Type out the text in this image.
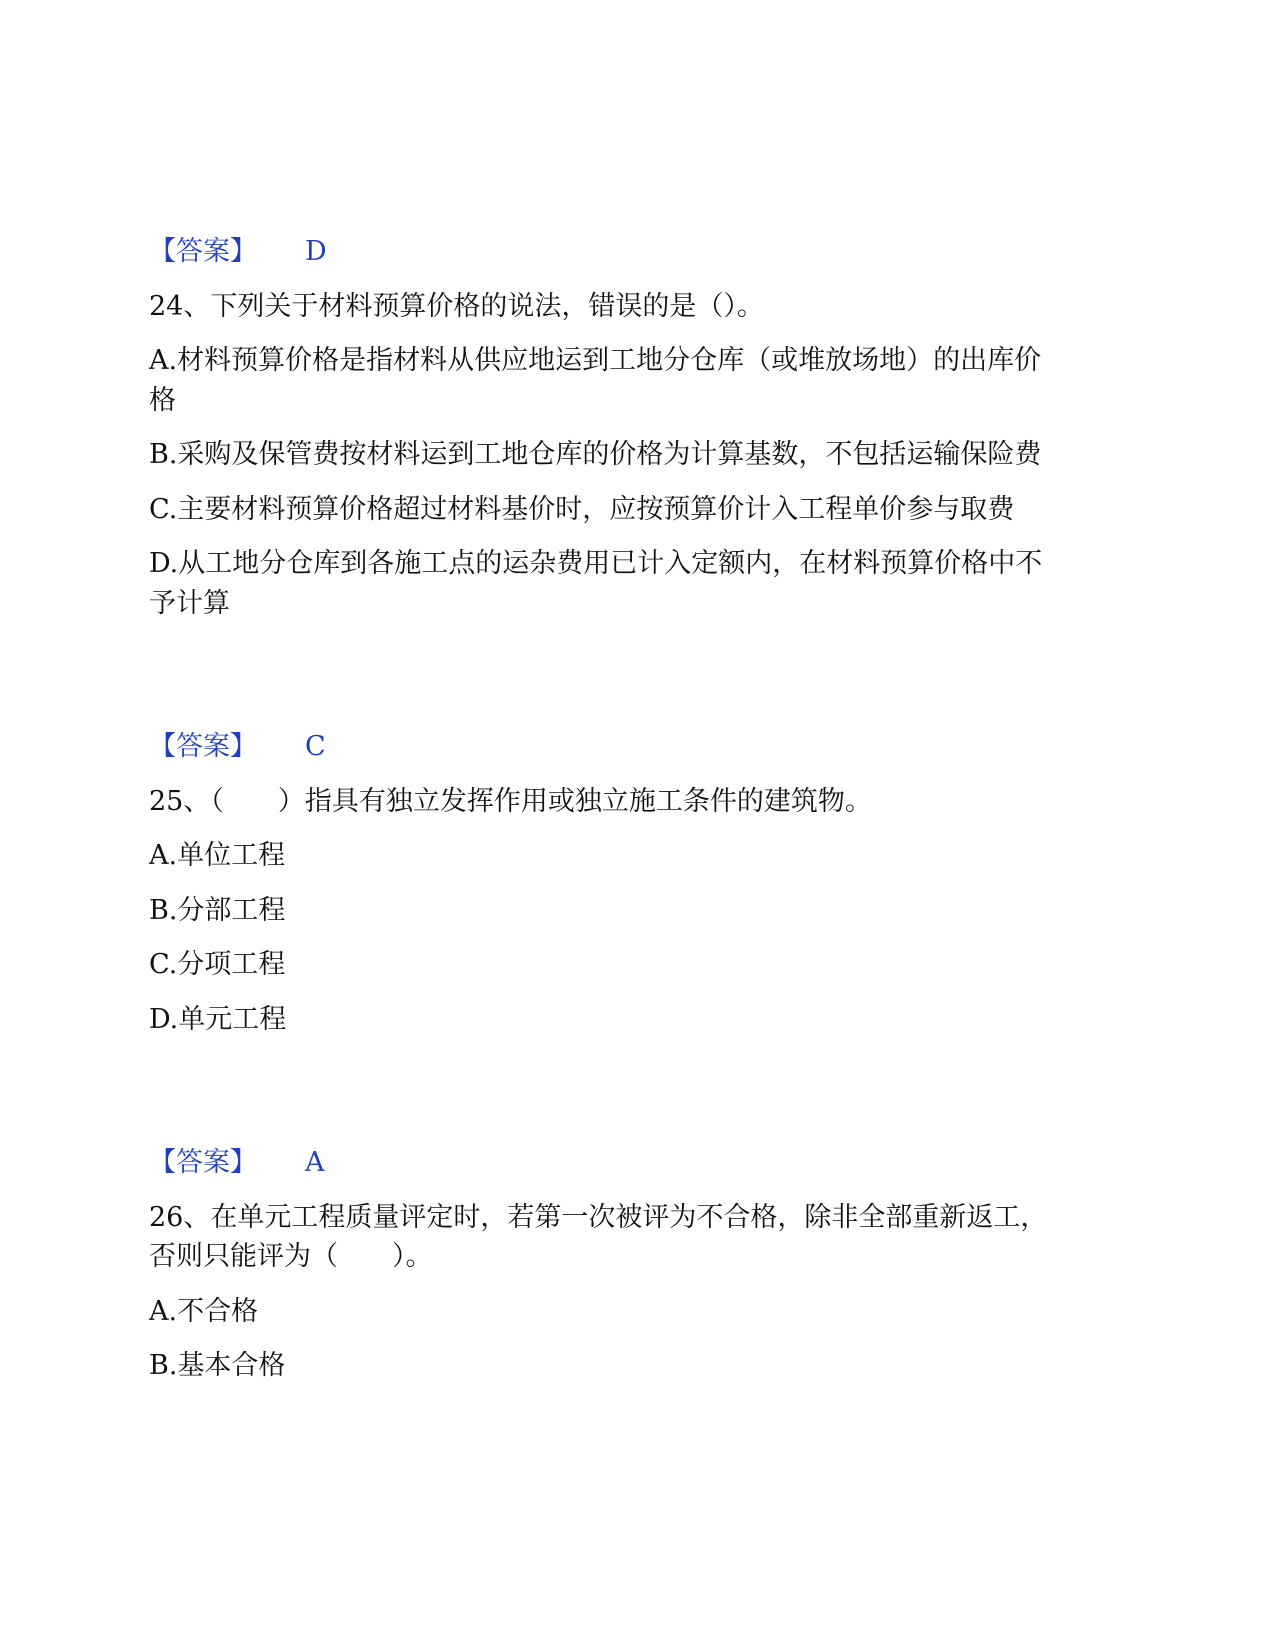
【答案】 D
24、下列关于材料预算价格的说法，错误的是（）。
A.材料预算价格是指材料从供应地运到工地分仓库（或堆放场地）的出库价
格
B.采购及保管费按材料运到工地仓库的价格为计算基数，不包括运输保险费
C.主要材料预算价格超过材料基价时，应按预算价计入工程单价参与取费
D.从工地分仓库到各施工点的运杂费用已计入定额内，在材料预算价格中不
予计算
【答案】 C
25、（　　）指具有独立发挥作用或独立施工条件的建筑物。
A.单位工程
B.分部工程
C.分项工程
D.单元工程
【答案】 A
26、在单元工程质量评定时，若第一次被评为不合格，除非全部重新返工，
否则只能评为（　　）。
A.不合格
B.基本合格
